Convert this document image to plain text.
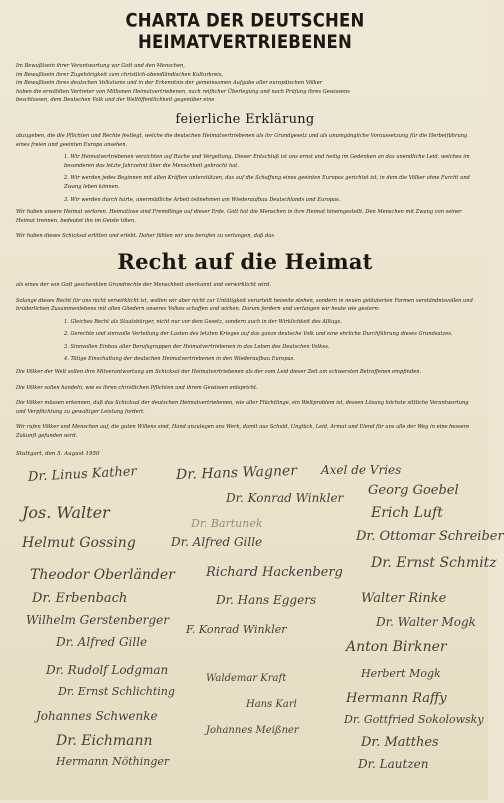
CHARTA DER DEUTSCHEN HEIMATVERTRIEBENEN

Im Bewußtsein ihrer Verantwortung vor Gott und den Menschen,

im Bewußtsein ihrer Zugehörigkeit zum christlich-abendländischen Kulturkreis,

im Bewußtsein ihres deutschen Volkstums und in der Erkenntnis der gemeinsamen Aufgabe aller europäischen Völker

haben die erwählten Vertreter von Millionen Heimatvertriebenen, nach reiflicher Überlegung und nach Prüfung ihres Gewissens

beschlossen, dem Deutschen Volk und der Weltöffentlichkeit gegenüber eine

feierliche Erklärung

abzugeben, die die Pflichten und Rechte festlegt, welche die deutschen Heimatvertriebenen als ihr Grundgesetz und als unumgängliche Voraussetzung für die Herbeiführung eines freien und geeinten Europa ansehen.

1. Wir Heimatvertriebenen verzichten auf Rache und Vergeltung. Dieser Entschluß ist uns ernst und heilig im Gedenken an das unendliche Leid, welches im besonderen das letzte Jahrzehnt über die Menschheit gebracht hat.
2. Wir werden jedes Beginnen mit allen Kräften unterstützen, das auf die Schaffung eines geeinten Europas gerichtet ist, in dem die Völker ohne Furcht und Zwang leben können.
3. Wir werden durch harte, unermüdliche Arbeit teilnehmen am Wiederaufbau Deutschlands und Europas.

Wir haben unsere Heimat verloren. Heimatlose sind Fremdlinge auf dieser Erde. Gott hat die Menschen in ihre Heimat hineingestellt. Den Menschen mit Zwang von seiner Heimat trennen, bedeutet ihn im Geiste töten.

Wir haben dieses Schicksal erlitten und erlebt. Daher fühlen wir uns berufen zu verlangen, daß das

Recht auf die Heimat

als eines der von Gott geschenkten Grundrechte der Menschheit anerkannt und verwirklicht wird.

Solange dieses Recht für uns nicht verwirklicht ist, wollen wir aber nicht zur Untätigkeit verurteilt beiseite stehen, sondern in neuen geläuterten Formen verständnisvollen und brüderlichen Zusammenlebens mit allen Gliedern unseres Volkes schaffen und wirken. Darum fordern und verlangen wir heute wie gestern:

1. Gleiches Recht als Staatsbürger, nicht nur vor dem Gesetz, sondern auch in der Wirklichkeit des Alltags.
2. Gerechte und sinnvolle Verteilung der Lasten des letzten Krieges auf das ganze deutsche Volk und eine ehrliche Durchführung dieses Grundsatzes.
3. Sinnvollen Einbau aller Berufsgruppen der Heimatvertriebenen in das Leben des Deutschen Volkes.
4. Tätige Einschaltung der deutschen Heimatvertriebenen in den Wiederaufbau Europas.

Die Völker der Welt sollen ihre Mitverantwortung am Schicksal der Heimatvertriebenen als der vom Leid dieser Zeit am schwersten Betroffenen empfinden.

Die Völker sollen handeln, wie es ihren christlichen Pflichten und ihrem Gewissen entspricht.

Die Völker müssen erkennen, daß das Schicksal der deutschen Heimatvertriebenen, wie aller Flüchtlinge, ein Weltproblem ist, dessen Lösung höchste sittliche Verantwortung und Verpflichtung zu gewaltiger Leistung fordert.

Wir rufen Völker und Menschen auf, die guten Willens sind, Hand anzulegen ans Werk, damit aus Schuld, Unglück, Leid, Armut und Elend für uns alle der Weg in eine bessere Zukunft gefunden wird.

Stuttgart, den 5. August 1950
Dr. Linus Kather	Axel de Vries
Georg Goebel
Erich Luft
Jos. Walter
Dr. Hans Wagner
Dr. Konrad Winkler
Dr. Ottomar Schreiber
Helmut Gossing	Dr. Alfred Gille
Dr. Bartunek
Dr. Ernst Schmitz
Theodor Oberländer
Walter Rinke
Richard Hackenberg
Dr. Walter Mogk
Dr. Erbenbach
Wilhelm Gerstenberger
Dr. Hans Eggers
Anton Birkner
Dr. Alfred Gille
F. Konrad Winkler
Dr. Rudolf Lodgman	Herbert Mogk
Dr. Ernst Schlichting
Johannes Schwenke
Hermann Raffy
Dr. Gottfried Sokolowsky
Waldemar Kraft
Hans Karl
Johannes Meißner
Dr. Eichmann
Hermann Nöthinger
Dr. Matthes
Dr. Lautzen
